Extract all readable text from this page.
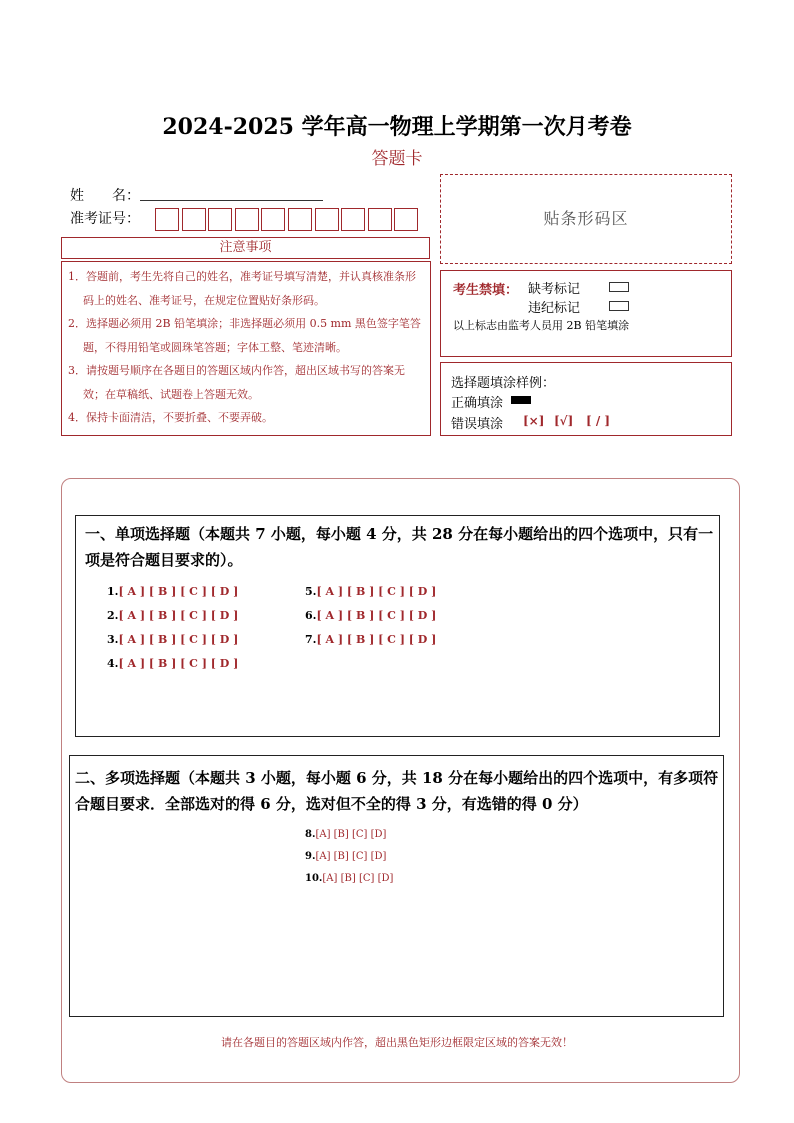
2024-2025 学年高一物理上学期第一次月考卷
答题卡
姓　　名：
准考证号：
注意事项

1．答题前，考生先将自己的姓名，准考证号填写清楚，并认真核准条形码上的姓名、准考证号，在规定位置贴好条形码。

2．选择题必须用 2B 铅笔填涂；非选择题必须用 0.5 mm 黑色签字笔答题，不得用铅笔或圆珠笔答题；字体工整、笔迹清晰。

3．请按题号顺序在各题目的答题区域内作答，超出区域书写的答案无效；在草稿纸、试题卷上答题无效。

4．保持卡面清洁，不要折叠、不要弄破。

贴条形码区
考生禁填： 缺考标记
违纪标记
以上标志由监考人员用 2B 铅笔填涂
选择题填涂样例：
正确填涂
错误填涂 [×] [√] [ / ]
一、单项选择题（本题共 7 小题，每小题 4 分，共 28 分在每小题给出的四个选项中，只有一项是符合题目要求的）。
1.[ A ] [ B ] [ C ] [ D ]
2.[ A ] [ B ] [ C ] [ D ]
3.[ A ] [ B ] [ C ] [ D ]
4.[ A ] [ B ] [ C ] [ D ]
5.[ A ] [ B ] [ C ] [ D ]
6.[ A ] [ B ] [ C ] [ D ]
7.[ A ] [ B ] [ C ] [ D ]
二、多项选择题（本题共 3 小题，每小题 6 分，共 18 分在每小题给出的四个选项中，有多项符合题目要求．全部选对的得 6 分，选对但不全的得 3 分，有选错的得 0 分）
8.[A] [B] [C] [D]
9.[A] [B] [C] [D]
10.[A] [B] [C] [D]
请在各题目的答题区域内作答，超出黑色矩形边框限定区域的答案无效！
